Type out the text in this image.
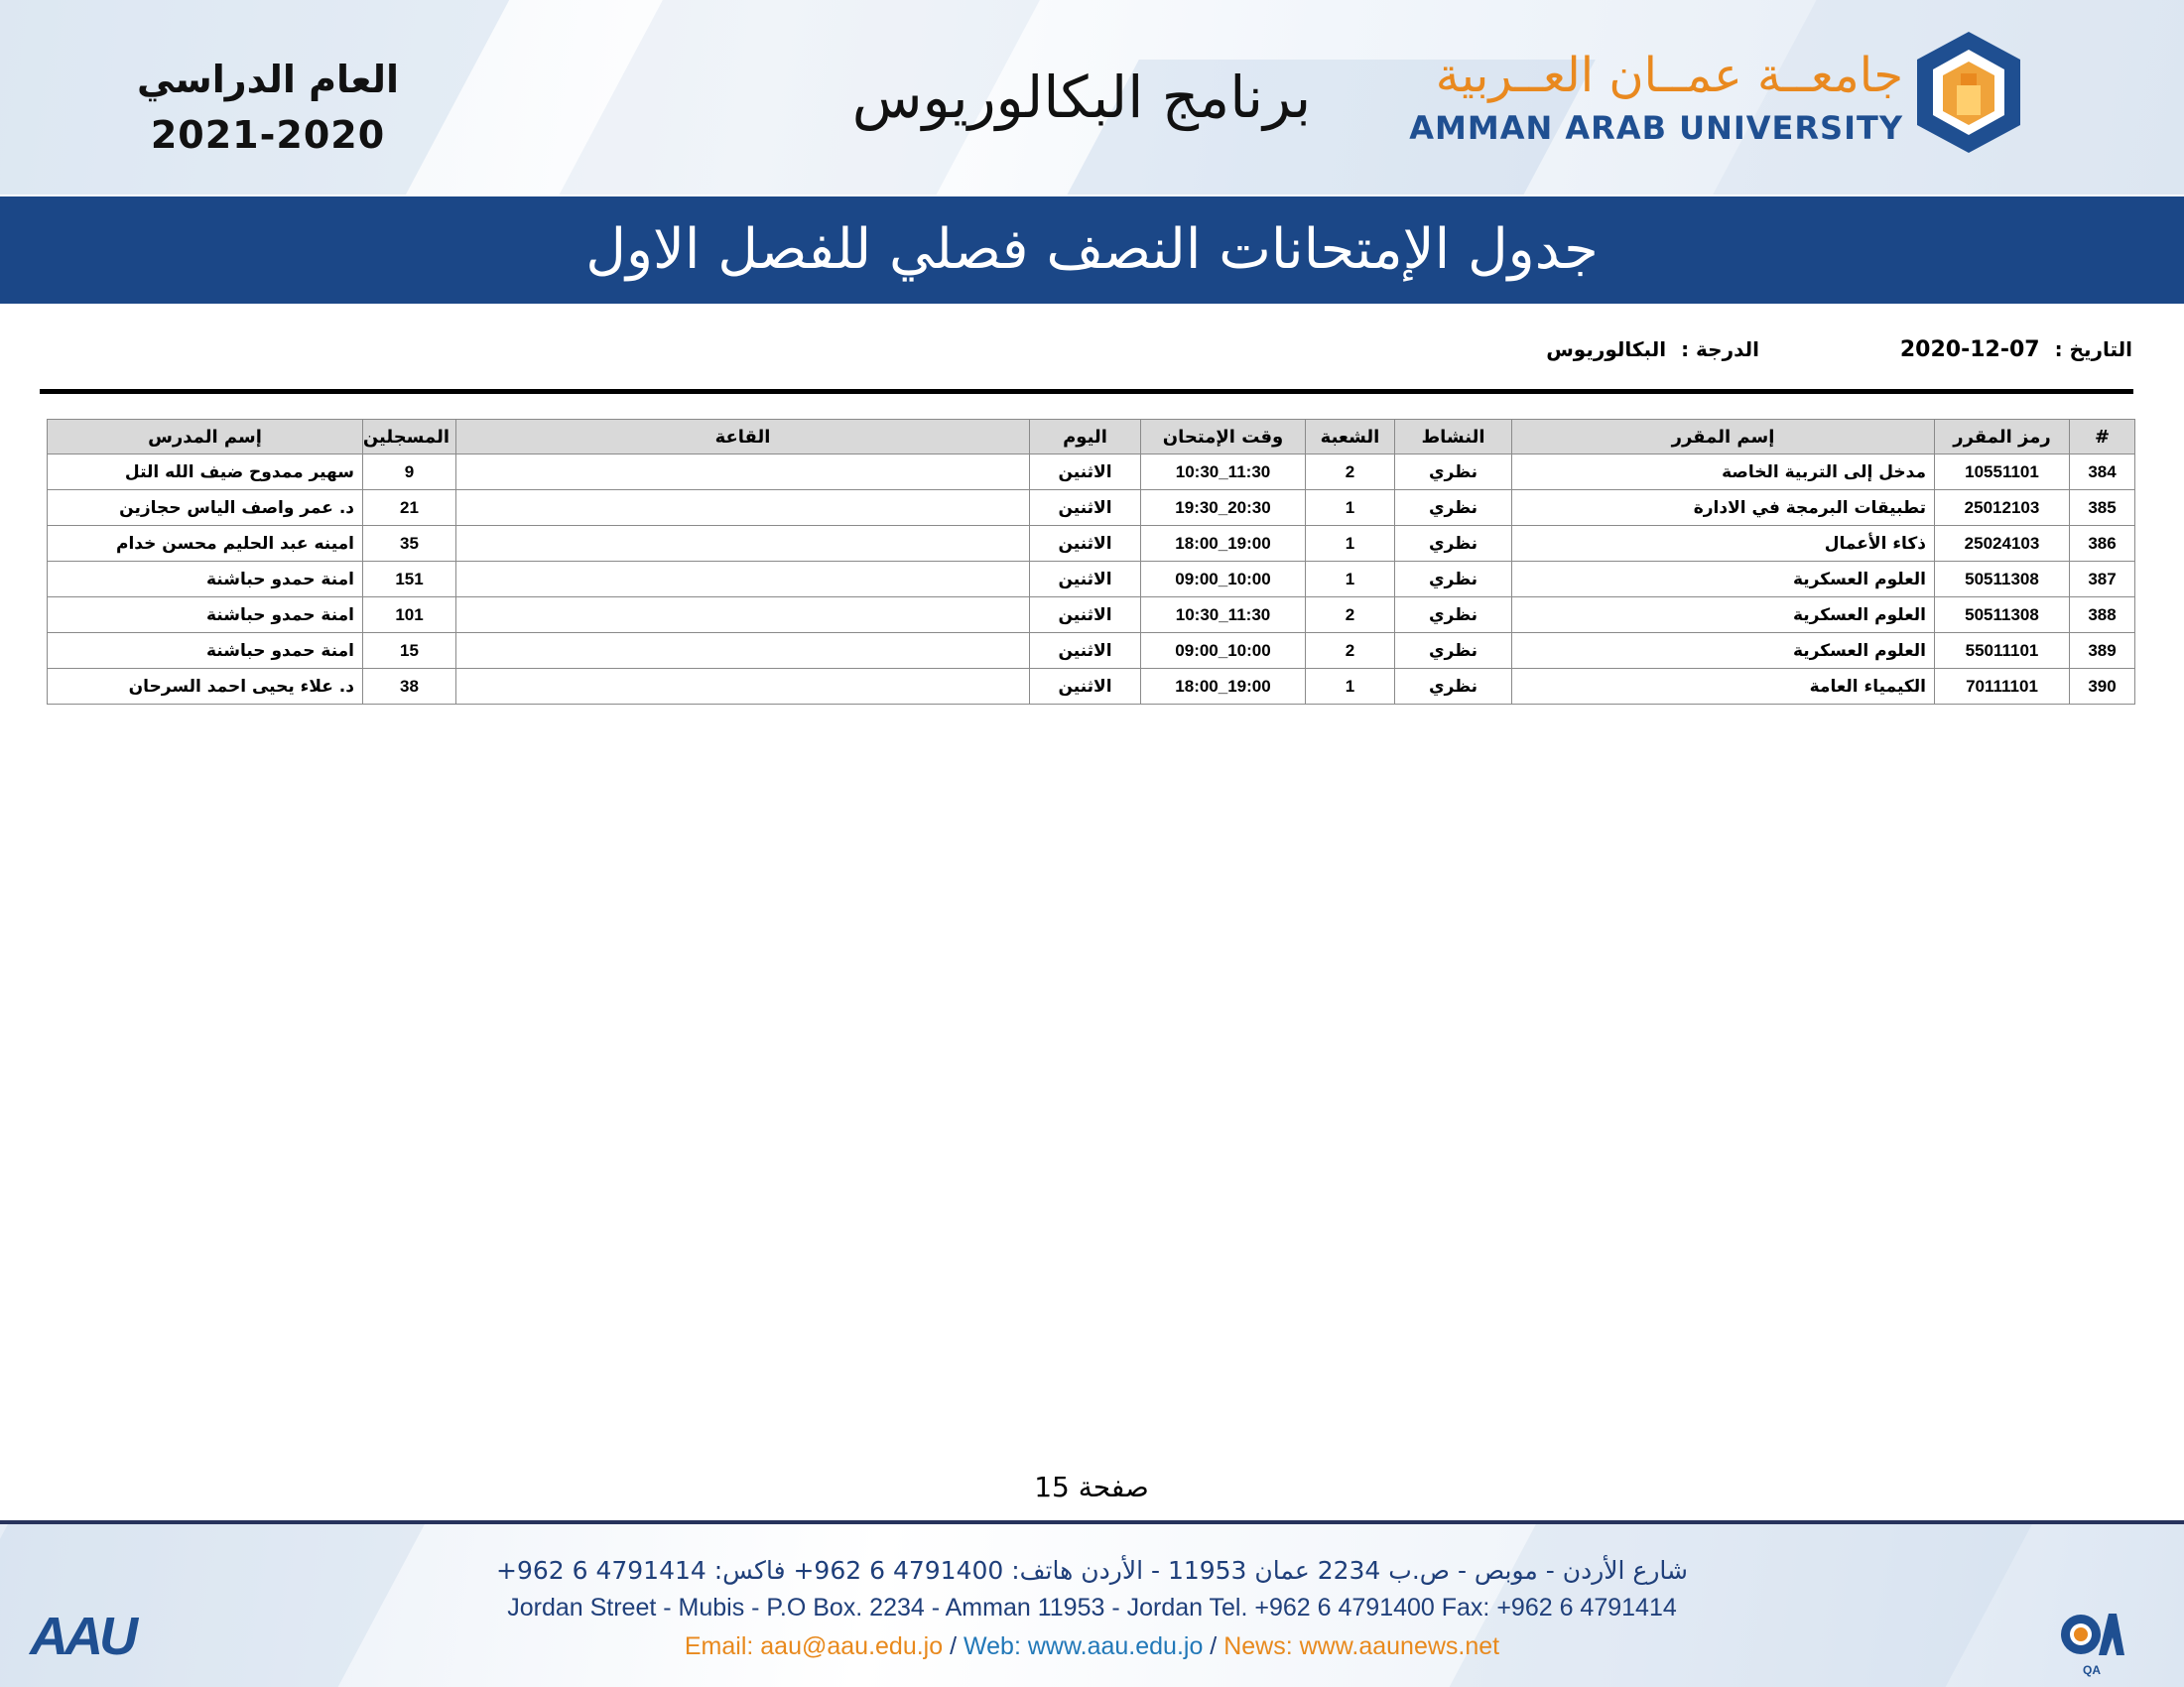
العام الدراسي
2021-2020
برنامج البكالوريوس	جامعــة عمــان العــربية
AMMAN ARAB UNIVERSITY
جدول الإمتحانات النصف فصلي للفصل الاول
التاريخ : 07-12-2020
الدرجة : البكالوريوس
#	رمز المقرر	إسم المقرر	النشاط	الشعبة	وقت الإمتحان	اليوم	القاعة	المسجلين	إسم المدرس
384	10551101	مدخل إلى التربية الخاصة	نظري	2	10:30_11:30	الاثنين		9	سهير ممدوح ضيف الله التل
385	25012103	تطبيقات البرمجة في الادارة	نظري	1	19:30_20:30	الاثنين		21	د. عمر واصف الياس حجازين
386	25024103	ذكاء الأعمال	نظري	1	18:00_19:00	الاثنين		35	امينه عبد الحليم محسن خدام
387	50511308	العلوم العسكرية	نظري	1	09:00_10:00	الاثنين		151	امنة حمدو حباشنة
388	50511308	العلوم العسكرية	نظري	2	10:30_11:30	الاثنين		101	امنة حمدو حباشنة
389	55011101	العلوم العسكرية	نظري	2	09:00_10:00	الاثنين		15	امنة حمدو حباشنة
390	70111101	الكيمياء العامة	نظري	1	18:00_19:00	الاثنين		38	د. علاء يحيى احمد السرحان
صفحة 15
شارع الأردن - موبص - ص.ب 2234 عمان 11953 - الأردن هاتف: 4791400 6 962+ فاكس: 4791414 6 962+
Jordan Street - Mubis - P.O Box. 2234 - Amman 11953 - Jordan Tel. +962 6 4791400 Fax: +962 6 4791414
Email: aau@aau.edu.jo / Web: www.aau.edu.jo / News: www.aaunews.net
AAU
QA
